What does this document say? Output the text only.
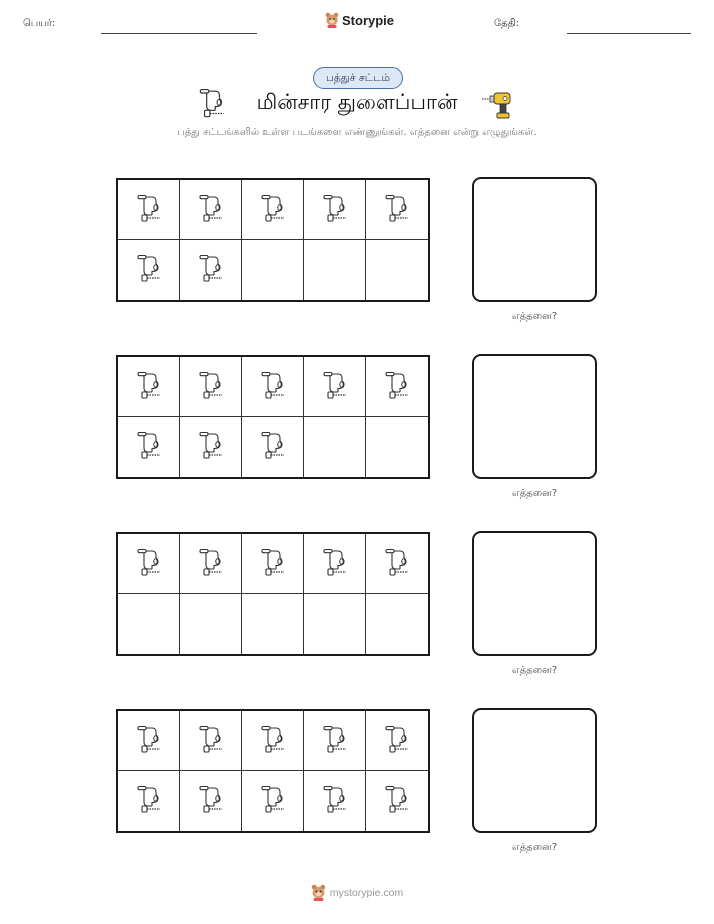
பெயர்:	Storypie	தேதி:
பத்துச் சட்டம்
மின்சார துளைப்பான்
பத்து சட்டங்களில் உள்ள படங்களை எண்ணுங்கள். எத்தனை என்று எழுதுங்கள்.
எத்தனை?
எத்தனை?
எத்தனை?
எத்தனை?
mystorypie.com
